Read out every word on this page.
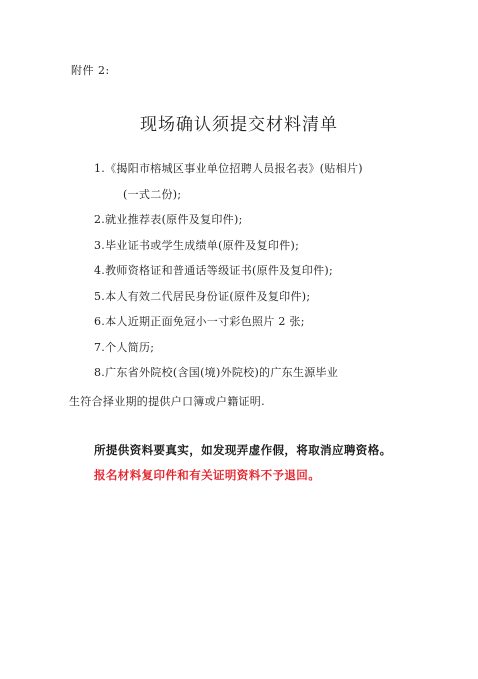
附件 2:
现场确认须提交材料清单
1.《揭阳市榕城区事业单位招聘人员报名表》(贴相片)
(一式二份);
2.就业推荐表(原件及复印件);
3.毕业证书或学生成绩单(原件及复印件);
4.教师资格证和普通话等级证书(原件及复印件);
5.本人有效二代居民身份证(原件及复印件);
6.本人近期正面免冠小一寸彩色照片 2 张;
7.个人简历;
8.广东省外院校(含国(境)外院校)的广东生源毕业
生符合择业期的提供户口簿或户籍证明.
所提供资料要真实，如发现弄虚作假，将取消应聘资格。
报名材料复印件和有关证明资料不予退回。
